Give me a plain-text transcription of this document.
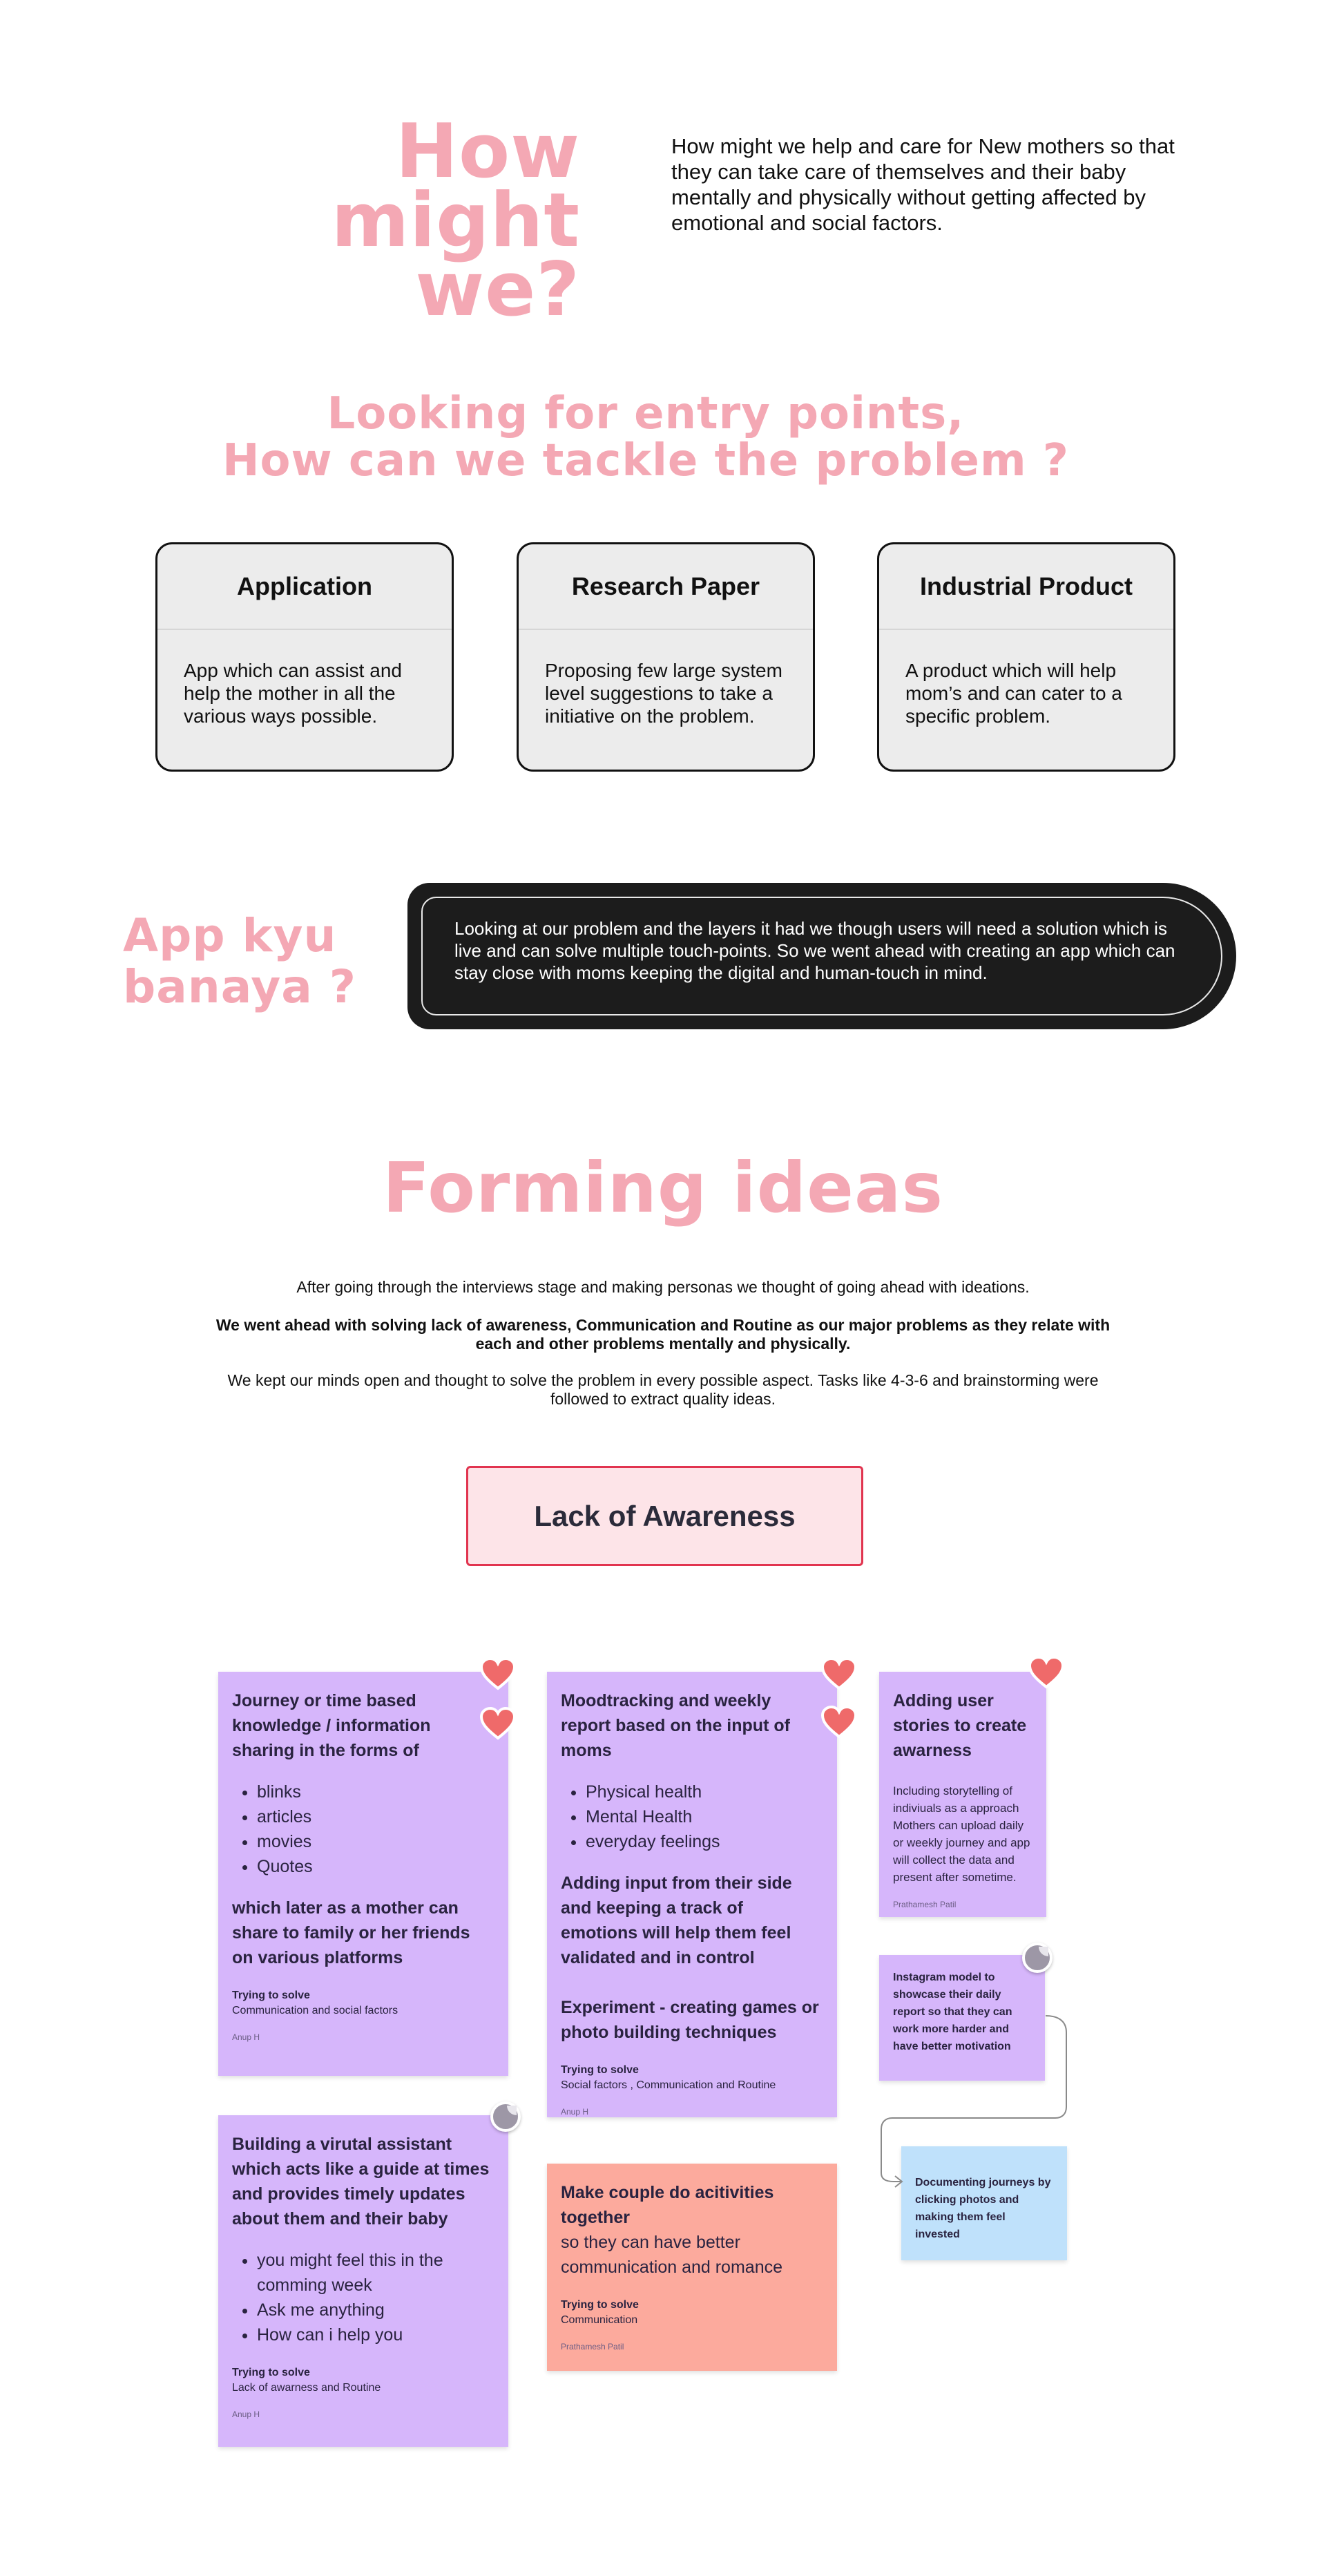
How might
we?
How might we help and care for New mothers so that they can take care of themselves and their baby mentally and physically without getting affected by emotional and social factors.
Looking for entry points,
How can we tackle the problem ?
Application
App which can assist and help the mother in all the various ways possible.
Research Paper
Proposing few large system level suggestions to take a initiative on the problem.
Industrial Product
A product which will help mom’s and can cater to a specific problem.
App kyu
banaya ?
Looking at our problem and the layers it had we though users will need a solution which is live and can solve multiple touch-points. So we went ahead with creating an app which can stay close with moms keeping the digital and human-touch in mind.
Forming ideas
After going through the interviews stage and making personas we thought of going ahead with ideations.
We went ahead with solving lack of awareness, Communication and Routine as our major problems as they relate with each and other problems mentally and physically.
We kept our minds open and thought to solve the problem in every possible aspect. Tasks like 4-3-6 and brainstorming were followed to extract quality ideas.
Lack of Awareness
Journey or time based knowledge / information sharing in the forms of
• blinks
• articles
• movies
• Quotes
which later as a mother can share to family or her friends on various platforms
Trying to solve
Communication and social factors
Anup H
Moodtracking and weekly report based on the input of moms
• Physical health
• Mental Health
• everyday feelings
Adding input from their side and keeping a track of emotions will help them feel validated and in control
Experiment - creating games or photo building techniques
Trying to solve
Social factors , Communication and Routine
Anup H
Adding user stories to create awarness
Including storytelling of indiviuals as a approach Mothers can upload daily or weekly journey and app will collect the data and present after sometime.
Prathamesh Patil
Instagram model to showcase their daily report so that they can work more harder and have better motivation
Documenting journeys by clicking photos and making them feel invested
Building a virutal assistant which acts like a guide at times and provides timely updates about them and their baby
• you might feel this in the comming week
• Ask me anything
• How can i help you
Trying to solve
Lack of awarness and Routine
Anup H
Make couple do acitivities together
so they can have better communication and romance
Trying to solve
Communication
Prathamesh Patil
